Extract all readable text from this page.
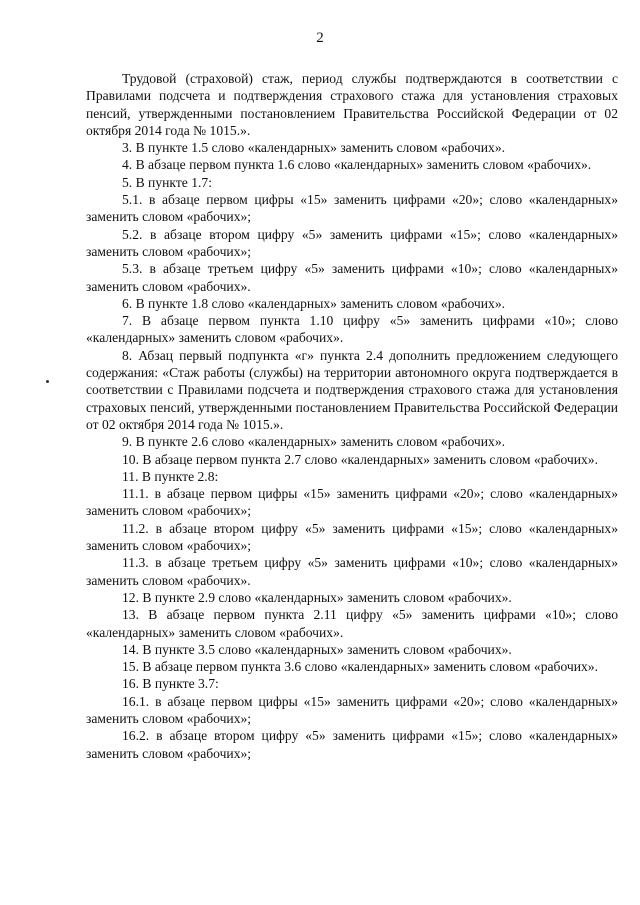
2

Трудовой (страховой) стаж, период службы подтверждаются в соответствии с Правилами подсчета и подтверждения страхового стажа для установления страховых пенсий, утвержденными постановлением Правительства Российской Федерации от 02 октября 2014 года № 1015.».

3. В пункте 1.5 слово «календарных» заменить словом «рабочих».

4. В абзаце первом пункта 1.6 слово «календарных» заменить словом «рабочих».

5. В пункте 1.7:

5.1. в абзаце первом цифры «15» заменить цифрами «20»; слово «календарных» заменить словом «рабочих»;

5.2. в абзаце втором цифру «5» заменить цифрами «15»; слово «календарных» заменить словом «рабочих»;

5.3. в абзаце третьем цифру «5» заменить цифрами «10»; слово «календарных» заменить словом «рабочих».

6. В пункте 1.8 слово «календарных» заменить словом «рабочих».

7. В абзаце первом пункта 1.10 цифру «5» заменить цифрами «10»; слово «календарных» заменить словом «рабочих».

8. Абзац первый подпункта «г» пункта 2.4 дополнить предложением следующего содержания: «Стаж работы (службы) на территории автономного округа подтверждается в соответствии с Правилами подсчета и подтверждения страхового стажа для установления страховых пенсий, утвержденными постановлением Правительства Российской Федерации от 02 октября 2014 года № 1015.».

9. В пункте 2.6 слово «календарных» заменить словом «рабочих».

10. В абзаце первом пункта 2.7 слово «календарных» заменить словом «рабочих».

11. В пункте 2.8:

11.1. в абзаце первом цифры «15» заменить цифрами «20»; слово «календарных» заменить словом «рабочих»;

11.2. в абзаце втором цифру «5» заменить цифрами «15»; слово «календарных» заменить словом «рабочих»;

11.3. в абзаце третьем цифру «5» заменить цифрами «10»; слово «календарных» заменить словом «рабочих».

12. В пункте 2.9 слово «календарных» заменить словом «рабочих».

13. В абзаце первом пункта 2.11 цифру «5» заменить цифрами «10»; слово «календарных» заменить словом «рабочих».

14. В пункте 3.5 слово «календарных» заменить словом «рабочих».

15. В абзаце первом пункта 3.6 слово «календарных» заменить словом «рабочих».

16. В пункте 3.7:

16.1. в абзаце первом цифры «15» заменить цифрами «20»; слово «календарных» заменить словом «рабочих»;

16.2. в абзаце втором цифру «5» заменить цифрами «15»; слово «календарных» заменить словом «рабочих»;
